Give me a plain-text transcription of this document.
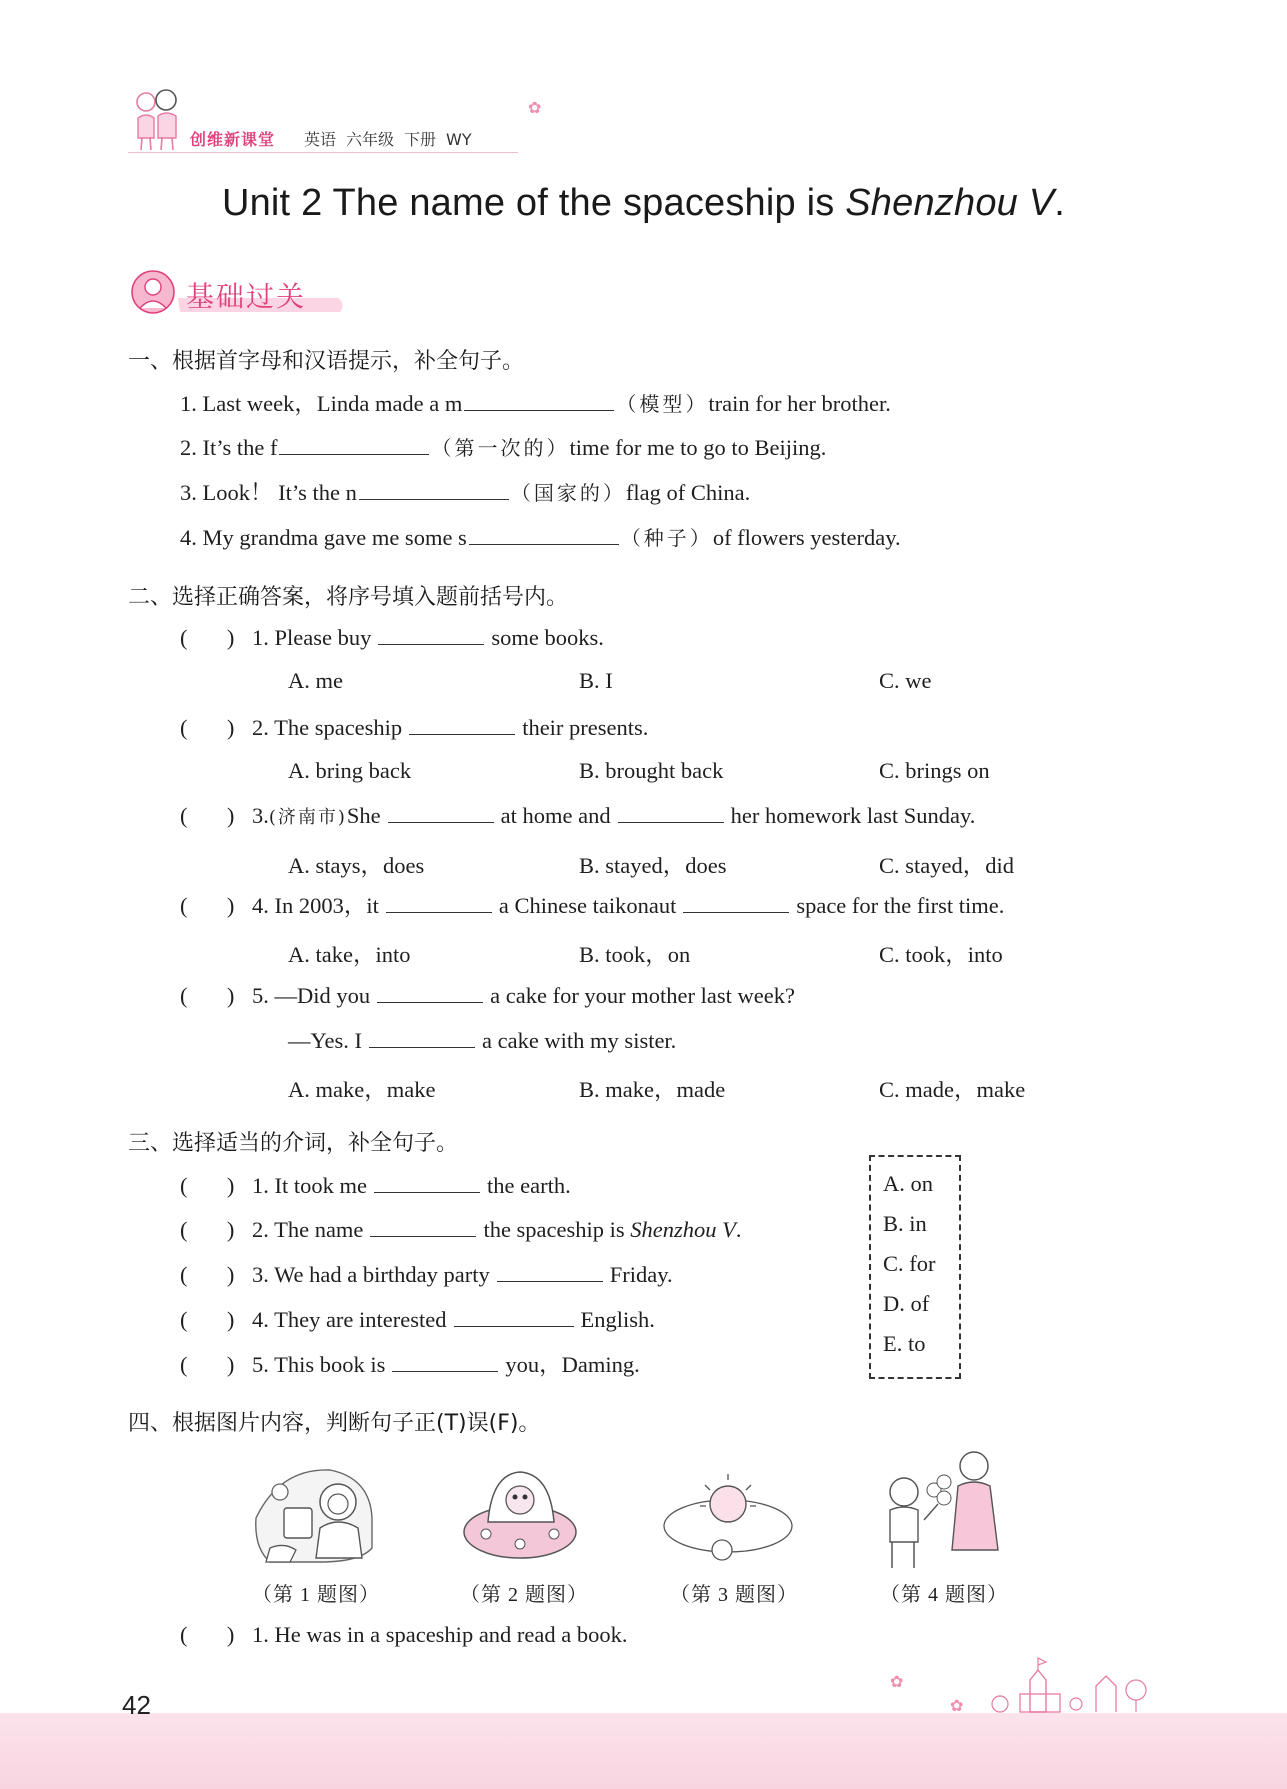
创维新课堂 英语 六年级 下册 WY
✿
Unit 2 The name of the spaceship is Shenzhou V.
基础过关
一、根据首字母和汉语提示，补全句子。
1. Last week，Linda made a m	（模型）train for her brother.
2. It’s the f	（第一次的）time for me to go to Beijing.
3. Look！ It’s the n	（国家的）flag of China.
4. My grandma gave me some s	（种子）of flowers yesterday.
二、选择正确答案，将序号填入题前括号内。
(       ) 1. Please buy	some books.
A. me	B. I	C. we
(       ) 2. The spaceship	their presents.
A. bring back	B. brought back	C. brings on
(       ) 3.(济南市)She	at home and	her homework last Sunday.
A. stays，does	B. stayed，does	C. stayed，did
(       ) 4. In 2003，it	a Chinese taikonaut	space for the first time.
A. take，into	B. took，on	C. took，into
(       ) 5. —Did you	a cake for your mother last week?
—Yes. I	a cake with my sister.
A. make，make	B. make，made	C. made，make
三、选择适当的介词，补全句子。
(       ) 1. It took me	the earth.
(       ) 2. The name	the spaceship is Shenzhou V.
(       ) 3. We had a birthday party	Friday.
(       ) 4. They are interested	English.
(       ) 5. This book is	you，Daming.
A. on
B. in
C. for
D. of
E. to
四、根据图片内容，判断句子正(T)误(F)。
（第 1 题图）	（第 2 题图）	（第 3 题图）	（第 4 题图）
(       ) 1. He was in a spaceship and read a book.
42
✿
✿
